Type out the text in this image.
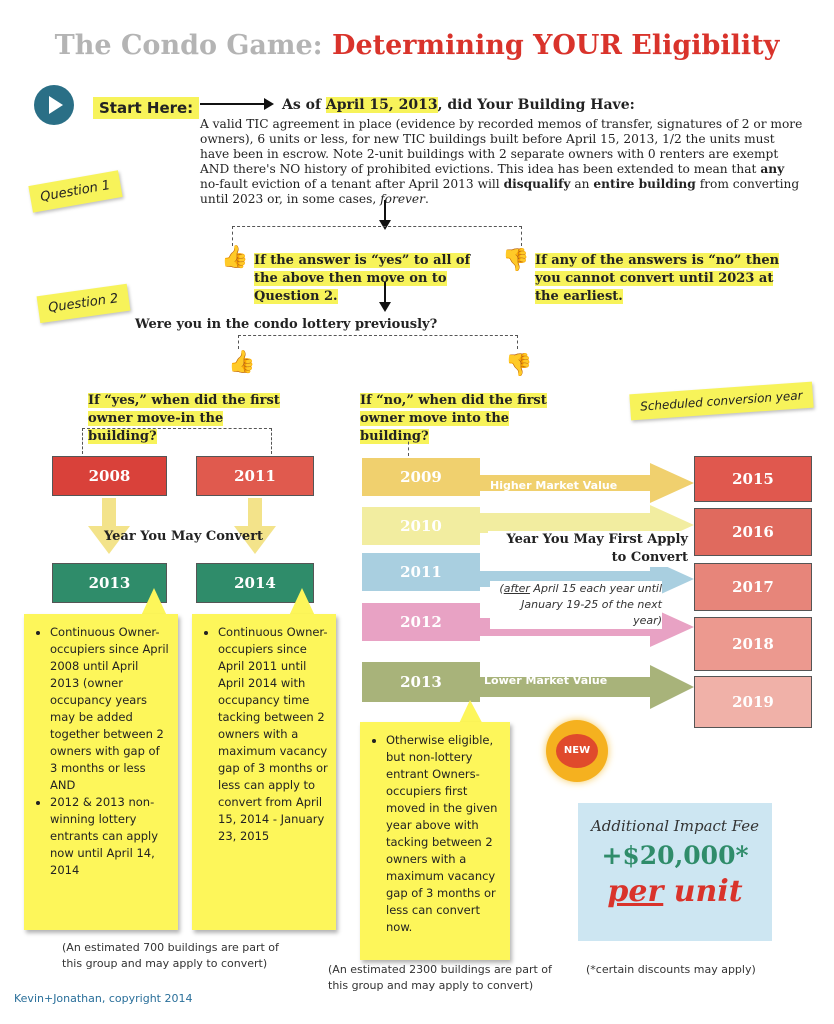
The Condo Game: Determining YOUR Eligibility
Start Here:	As of April 15, 2013, did Your Building Have:
A valid TIC agreement in place (evidence by recorded memos of transfer, signatures of 2 or more owners), 6 units or less, for new TIC buildings built before April 15, 2013, 1/2 the units must have been in escrow. Note 2-unit buildings with 2 separate owners with 0 renters are exempt AND there's NO history of prohibited evictions. This idea has been extended to mean that any no-fault eviction of a tenant after April 2013 will disqualify an entire building from converting until 2023 or, in some cases, forever.
Question 1
👍 If the answer is “yes” to all of the above then move on to Question 2.
👎 If any of the answers is “no” then you cannot convert until 2023 at the earliest.
Question 2
Were you in the condo lottery previously?
👍	👎
If “yes,” when did the first owner move-in the building?
If “no,” when did the first owner move into the building?
Scheduled conversion year
2008	2011
Year You May Convert
2013	2014
• Continuous Owner-occupiers since April 2008 until April 2013 (owner occupancy years may be added together between 2 owners with gap of 3 months or less AND
• 2012 & 2013 non-winning lottery entrants can apply now until April 14, 2014
• Continuous Owner-occupiers since April 2011 until April 2014 with occupancy time tacking between 2 owners with a maximum vacancy gap of 3 months or less can apply to convert from April 15, 2014 - January 23, 2015
(An estimated 700 buildings are part of this group and may apply to convert)
2009
2010
2011
2012
2013
Higher Market Value
Lower Market Value
Year You May First Apply
to Convert
(after April 15 each year until
January 19-25 of the next year)
2015
2016
2017
2018
2019
• Otherwise eligible, but non-lottery entrant Owners-occupiers first moved in the given year above with tacking between 2 owners with a maximum vacancy gap of 3 months or less can convert now.
(An estimated 2300 buildings are part of this group and may apply to convert)
NEW
Additional Impact Fee
+$20,000*
per unit
(*certain discounts may apply)
Kevin+Jonathan, copyright 2014
